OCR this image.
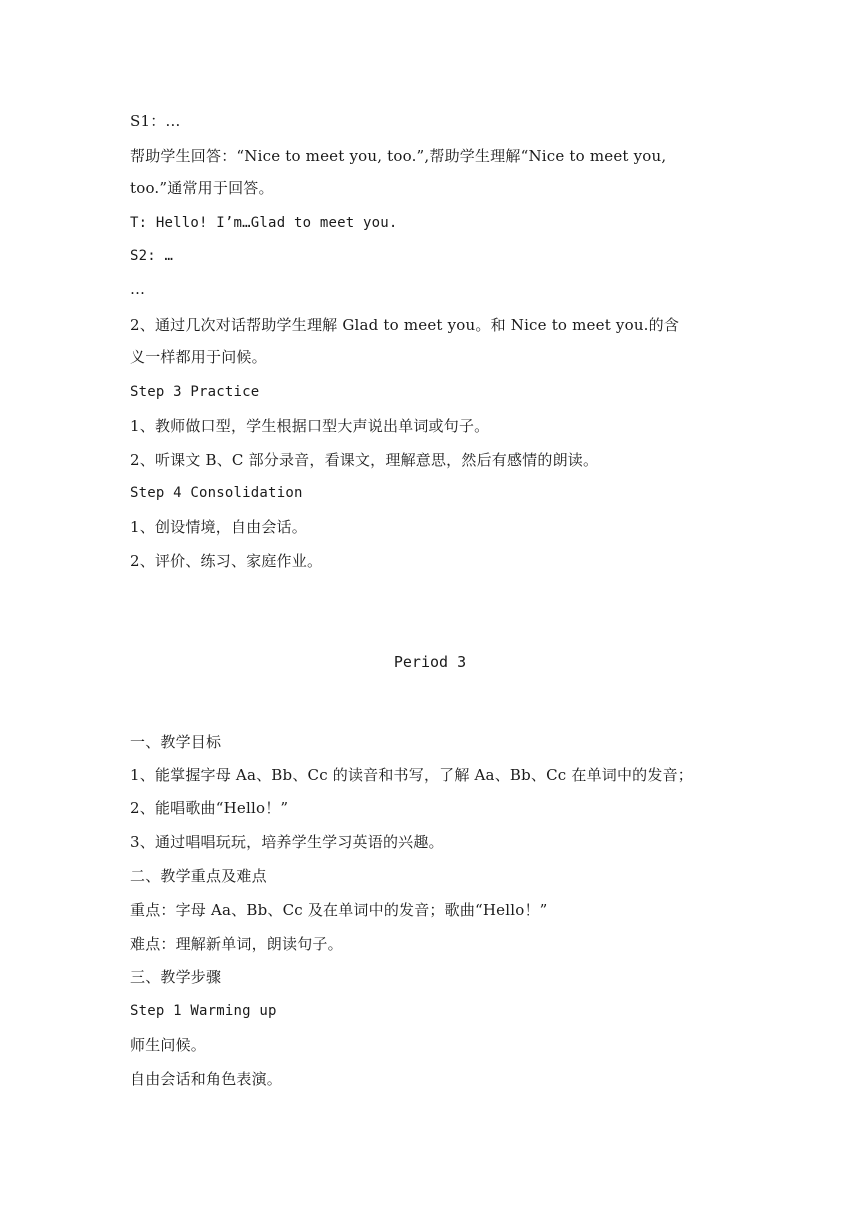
S1：…
帮助学生回答：“Nice to meet you, too.”,帮助学生理解“Nice to meet you,
too.”通常用于回答。
T: Hello! I’m…Glad to meet you.
S2: …
…
2、通过几次对话帮助学生理解 Glad to meet you。和 Nice to meet you.的含
义一样都用于问候。
Step 3 Practice
1、教师做口型，学生根据口型大声说出单词或句子。
2、听课文 B、C 部分录音，看课文，理解意思，然后有感情的朗读。
Step 4 Consolidation
1、创设情境，自由会话。
2、评价、练习、家庭作业。
Period 3
一、教学目标
1、能掌握字母 Aa、Bb、Cc 的读音和书写，了解 Aa、Bb、Cc 在单词中的发音；
2、能唱歌曲“Hello！”
3、通过唱唱玩玩，培养学生学习英语的兴趣。
二、教学重点及难点
重点：字母 Aa、Bb、Cc 及在单词中的发音；歌曲“Hello！”
难点：理解新单词，朗读句子。
三、教学步骤
Step 1 Warming up
师生问候。
自由会话和角色表演。
